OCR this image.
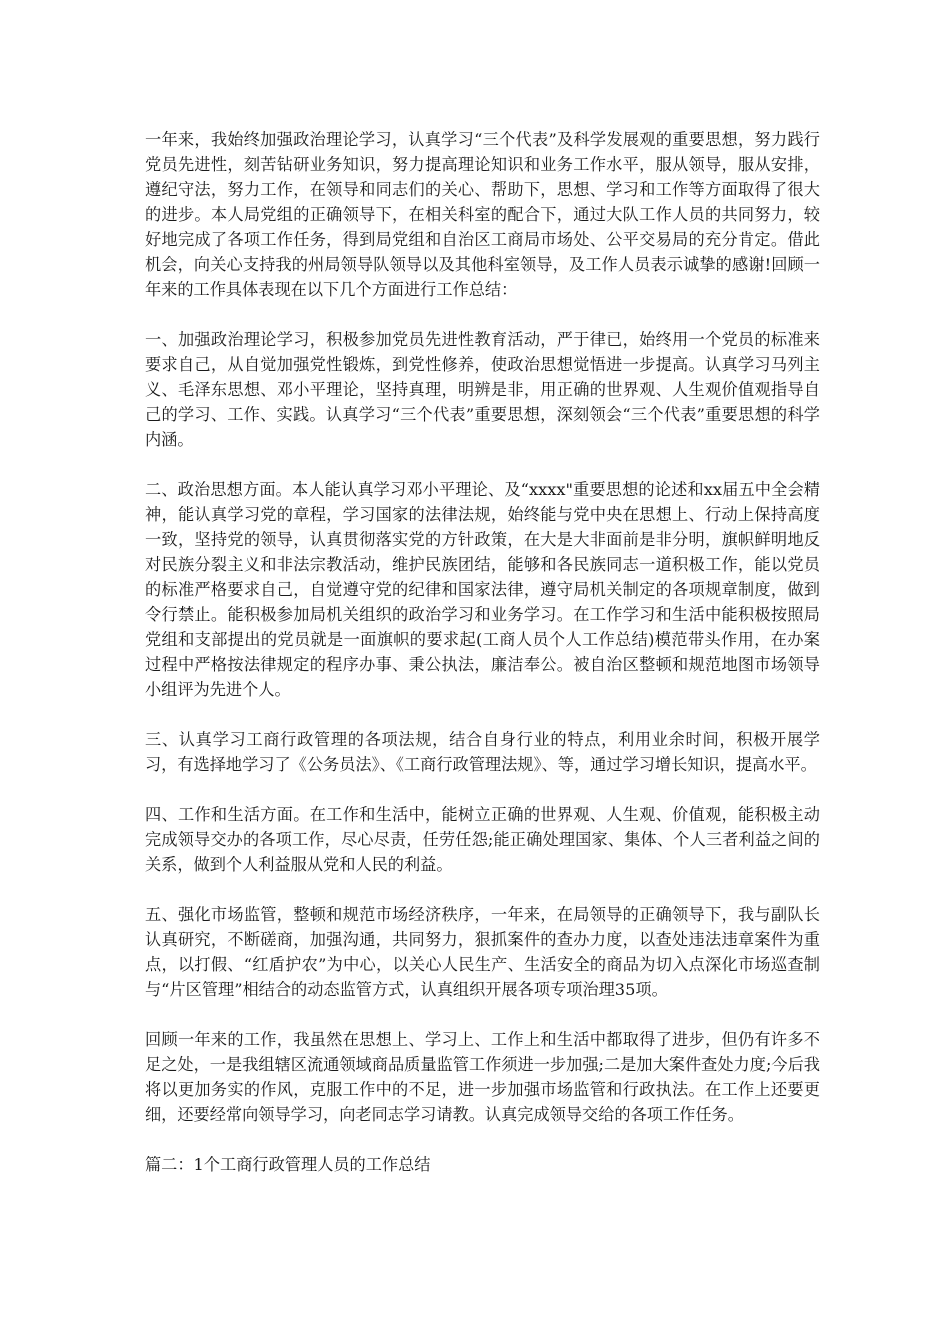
一年来，我始终加强政治理论学习，认真学习“三个代表”及科学发展观的重要思想，努力践行党员先进性，刻苦钻研业务知识，努力提高理论知识和业务工作水平，服从领导，服从安排，遵纪守法，努力工作，在领导和同志们的关心、帮助下，思想、学习和工作等方面取得了很大的进步。本人局党组的正确领导下，在相关科室的配合下，通过大队工作人员的共同努力，较好地完成了各项工作任务，得到局党组和自治区工商局市场处、公平交易局的充分肯定。借此机会，向关心支持我的州局领导队领导以及其他科室领导，及工作人员表示诚挚的感谢!回顾一年来的工作具体表现在以下几个方面进行工作总结：

一、加强政治理论学习，积极参加党员先进性教育活动，严于律已，始终用一个党员的标准来要求自己，从自觉加强党性锻炼，到党性修养，使政治思想觉悟进一步提高。认真学习马列主义、毛泽东思想、邓小平理论，坚持真理，明辨是非，用正确的世界观、人生观价值观指导自己的学习、工作、实践。认真学习“三个代表”重要思想，深刻领会“三个代表”重要思想的科学内涵。

二、政治思想方面。本人能认真学习邓小平理论、及“xxxx"重要思想的论述和xx届五中全会精神，能认真学习党的章程，学习国家的法律法规，始终能与党中央在思想上、行动上保持高度一致，坚持党的领导，认真贯彻落实党的方针政策，在大是大非面前是非分明，旗帜鲜明地反对民族分裂主义和非法宗教活动，维护民族团结，能够和各民族同志一道积极工作，能以党员的标准严格要求自己，自觉遵守党的纪律和国家法律，遵守局机关制定的各项规章制度，做到令行禁止。能积极参加局机关组织的政治学习和业务学习。在工作学习和生活中能积极按照局党组和支部提出的党员就是一面旗帜的要求起(工商人员个人工作总结)模范带头作用，在办案过程中严格按法律规定的程序办事、秉公执法，廉洁奉公。被自治区整顿和规范地图市场领导小组评为先进个人。

三、认真学习工商行政管理的各项法规，结合自身行业的特点，利用业余时间，积极开展学习，有选择地学习了《公务员法》、《工商行政管理法规》、等，通过学习增长知识，提高水平。

四、工作和生活方面。在工作和生活中，能树立正确的世界观、人生观、价值观，能积极主动完成领导交办的各项工作，尽心尽责，任劳任怨;能正确处理国家、集体、个人三者利益之间的关系，做到个人利益服从党和人民的利益。

五、强化市场监管，整顿和规范市场经济秩序，一年来，在局领导的正确领导下，我与副队长认真研究，不断磋商，加强沟通，共同努力，狠抓案件的查办力度，以查处违法违章案件为重点，以打假、“红盾护农”为中心，以关心人民生产、生活安全的商品为切入点深化市场巡查制与“片区管理”相结合的动态监管方式，认真组织开展各项专项治理35项。

回顾一年来的工作，我虽然在思想上、学习上、工作上和生活中都取得了进步，但仍有许多不足之处，一是我组辖区流通领域商品质量监管工作须进一步加强;二是加大案件查处力度;今后我将以更加务实的作风，克服工作中的不足，进一步加强市场监管和行政执法。在工作上还要更细，还要经常向领导学习，向老同志学习请教。认真完成领导交给的各项工作任务。

篇二：1个工商行政管理人员的工作总结
